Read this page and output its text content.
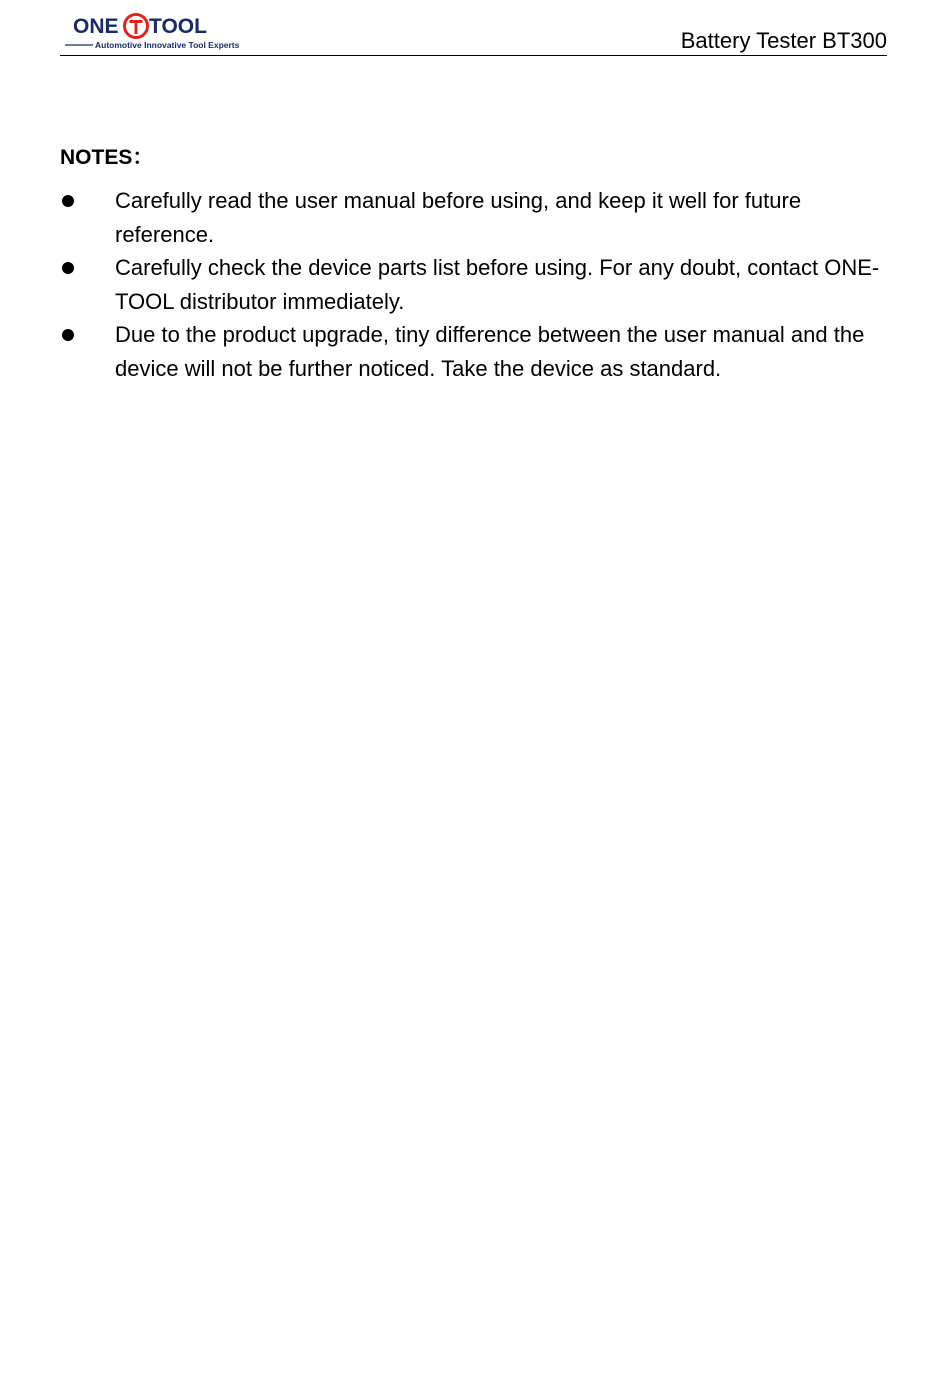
ONE TOOL
Automotive Innovative Tool Experts	Battery Tester BT300
NOTES：
Carefully read the user manual before using, and keep it well for future reference.
Carefully check the device parts list before using. For any doubt, contact ONE-TOOL distributor immediately.
Due to the product upgrade, tiny difference between the user manual and the device will not be further noticed. Take the device as standard.
